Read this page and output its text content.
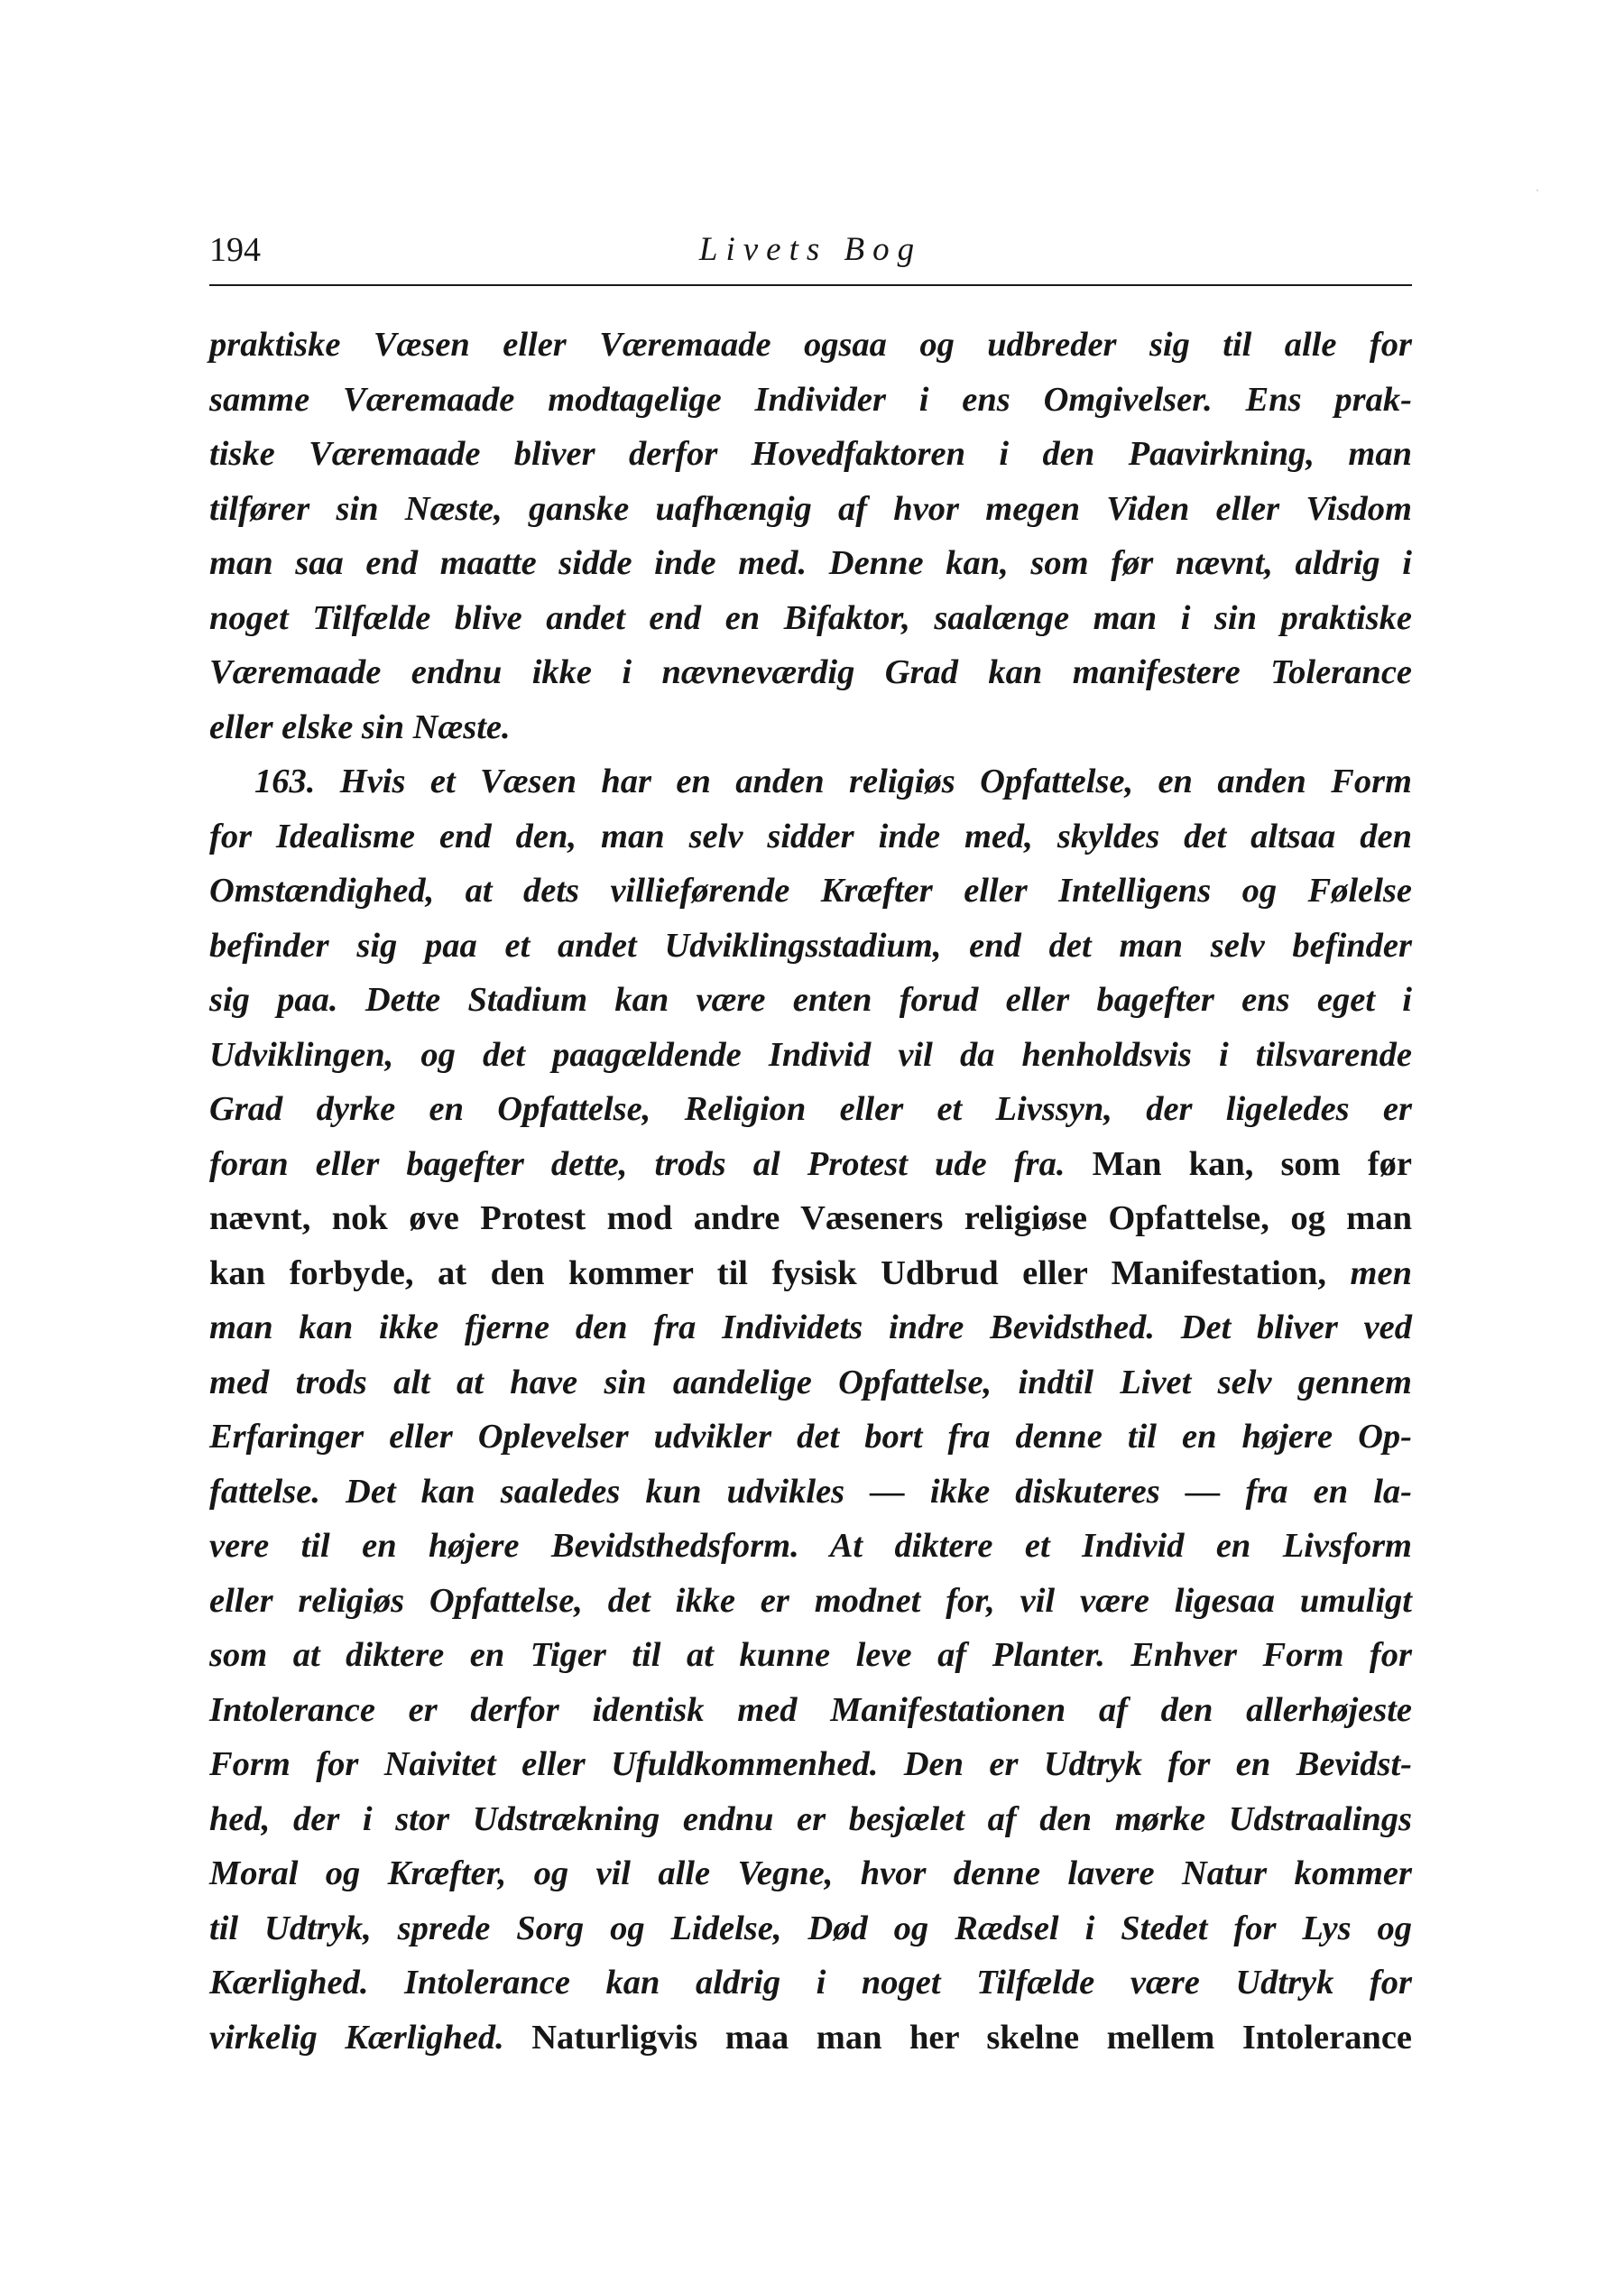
194	Livets Bog
praktiske Væsen eller Væremaade ogsaa og udbreder sig til alle for
samme Væremaade modtagelige Individer i ens Omgivelser. Ens prak-
tiske Væremaade bliver derfor Hovedfaktoren i den Paavirkning, man
tilfører sin Næste, ganske uafhængig af hvor megen Viden eller Visdom
man saa end maatte sidde inde med. Denne kan, som før nævnt, aldrig i
noget Tilfælde blive andet end en Bifaktor, saalænge man i sin praktiske
Væremaade endnu ikke i nævneværdig Grad kan manifestere Tolerance
eller elske sin Næste.
163. Hvis et Væsen har en anden religiøs Opfattelse, en anden Form
for Idealisme end den, man selv sidder inde med, skyldes det altsaa den
Omstændighed, at dets villieførende Kræfter eller Intelligens og Følelse
befinder sig paa et andet Udviklingsstadium, end det man selv befinder
sig paa. Dette Stadium kan være enten forud eller bagefter ens eget i
Udviklingen, og det paagældende Individ vil da henholdsvis i tilsvarende
Grad dyrke en Opfattelse, Religion eller et Livssyn, der ligeledes er
foran eller bagefter dette, trods al Protest ude fra. Man kan, som før
nævnt, nok øve Protest mod andre Væseners religiøse Opfattelse, og man
kan forbyde, at den kommer til fysisk Udbrud eller Manifestation, men
man kan ikke fjerne den fra Individets indre Bevidsthed. Det bliver ved
med trods alt at have sin aandelige Opfattelse, indtil Livet selv gennem
Erfaringer eller Oplevelser udvikler det bort fra denne til en højere Op-
fattelse. Det kan saaledes kun udvikles — ikke diskuteres — fra en la-
vere til en højere Bevidsthedsform. At diktere et Individ en Livsform
eller religiøs Opfattelse, det ikke er modnet for, vil være ligesaa umuligt
som at diktere en Tiger til at kunne leve af Planter. Enhver Form for
Intolerance er derfor identisk med Manifestationen af den allerhøjeste
Form for Naivitet eller Ufuldkommenhed. Den er Udtryk for en Bevidst-
hed, der i stor Udstrækning endnu er besjælet af den mørke Udstraalings
Moral og Kræfter, og vil alle Vegne, hvor denne lavere Natur kommer
til Udtryk, sprede Sorg og Lidelse, Død og Rædsel i Stedet for Lys og
Kærlighed. Intolerance kan aldrig i noget Tilfælde være Udtryk for
virkelig Kærlighed. Naturligvis maa man her skelne mellem Intolerance
